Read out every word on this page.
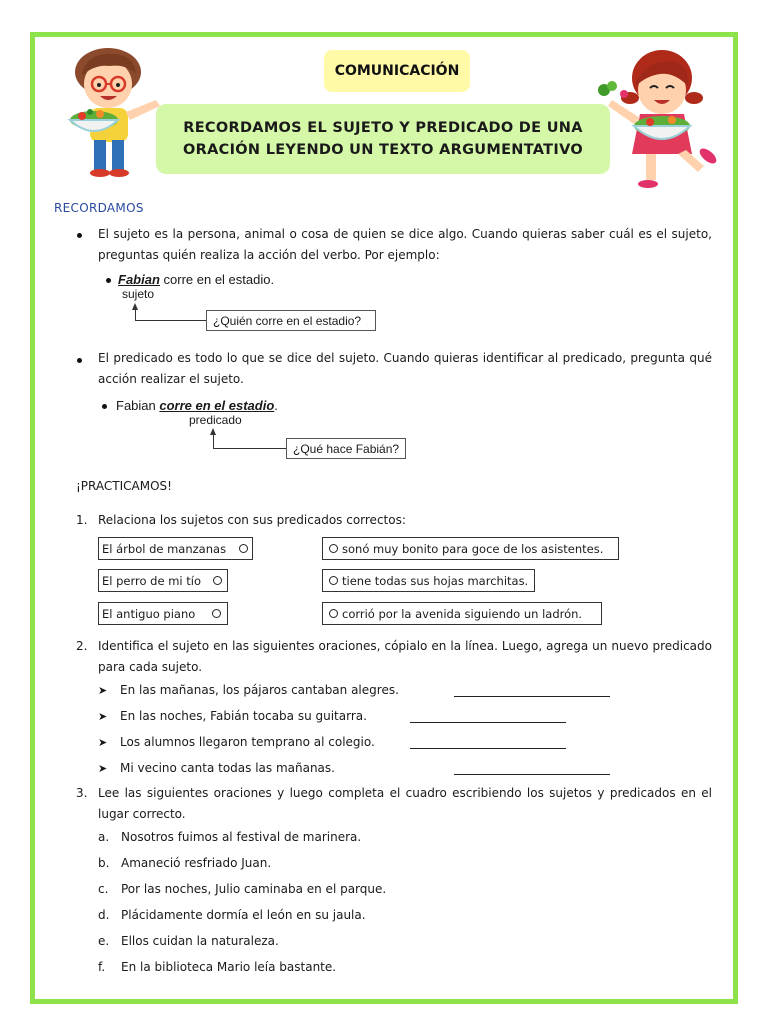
COMUNICACIÓN
RECORDAMOS EL SUJETO Y PREDICADO DE UNA ORACIÓN LEYENDO UN TEXTO ARGUMENTATIVO
RECORDAMOS
El sujeto es la persona, animal o cosa de quien se dice algo. Cuando quieras saber cuál es el sujeto, preguntas quién realiza la acción del verbo. Por ejemplo:
Fabian corre en el estadio.
sujeto
¿Quién corre en el estadio?
El predicado es todo lo que se dice del sujeto. Cuando quieras identificar al predicado, pregunta qué acción realizar el sujeto.
Fabian corre en el estadio.
predicado
¿Qué hace Fabián?
¡PRACTICAMOS!
1. Relaciona los sujetos con sus predicados correctos:
El árbol de manzanas
El perro de mi tío
El antiguo piano
sonó muy bonito para goce de los asistentes.
tiene todas sus hojas marchitas.
corrió por la avenida siguiendo un ladrón.
2. Identifica el sujeto en las siguientes oraciones, cópialo en la línea. Luego, agrega un nuevo predicado para cada sujeto.
➤ En las mañanas, los pájaros cantaban alegres.
➤ En las noches, Fabián tocaba su guitarra.
➤ Los alumnos llegaron temprano al colegio.
➤ Mi vecino canta todas las mañanas.
3. Lee las siguientes oraciones y luego completa el cuadro escribiendo los sujetos y predicados en el lugar correcto.
a. Nosotros fuimos al festival de marinera.
b. Amaneció resfriado Juan.
c. Por las noches, Julio caminaba en el parque.
d. Plácidamente dormía el león en su jaula.
e. Ellos cuidan la naturaleza.
f. En la biblioteca Mario leía bastante.
